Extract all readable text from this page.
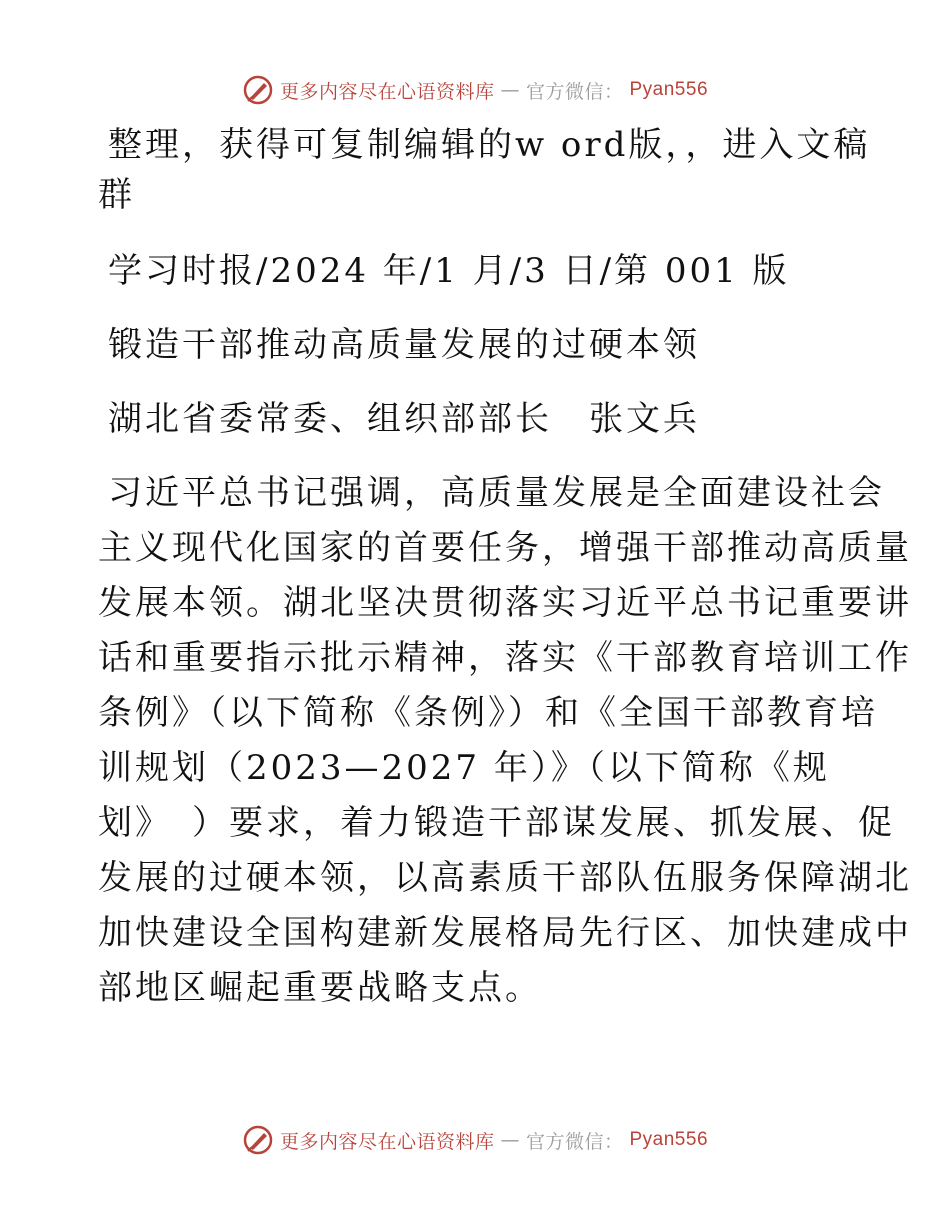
更多内容尽在心语资料库 — 官方微信： Pyan556
整理，获得可复制编辑的w ord版，，进入文稿
群
学习时报/2024 年/1 月/3 日/第 001 版
锻造干部推动高质量发展的过硬本领
湖北省委常委、组织部部长　张文兵
习近平总书记强调，高质量发展是全面建设社会
主义现代化国家的首要任务，增强干部推动高质量
发展本领。湖北坚决贯彻落实习近平总书记重要讲
话和重要指示批示精神，落实《干部教育培训工作
条例》（以下简称《条例》）和《全国干部教育培
训规划（2023—2027 年）》（以下简称《规
划》　）要求，着力锻造干部谋发展、抓发展、促
发展的过硬本领，以高素质干部队伍服务保障湖北
加快建设全国构建新发展格局先行区、加快建成中
部地区崛起重要战略支点。
更多内容尽在心语资料库 — 官方微信： Pyan556
